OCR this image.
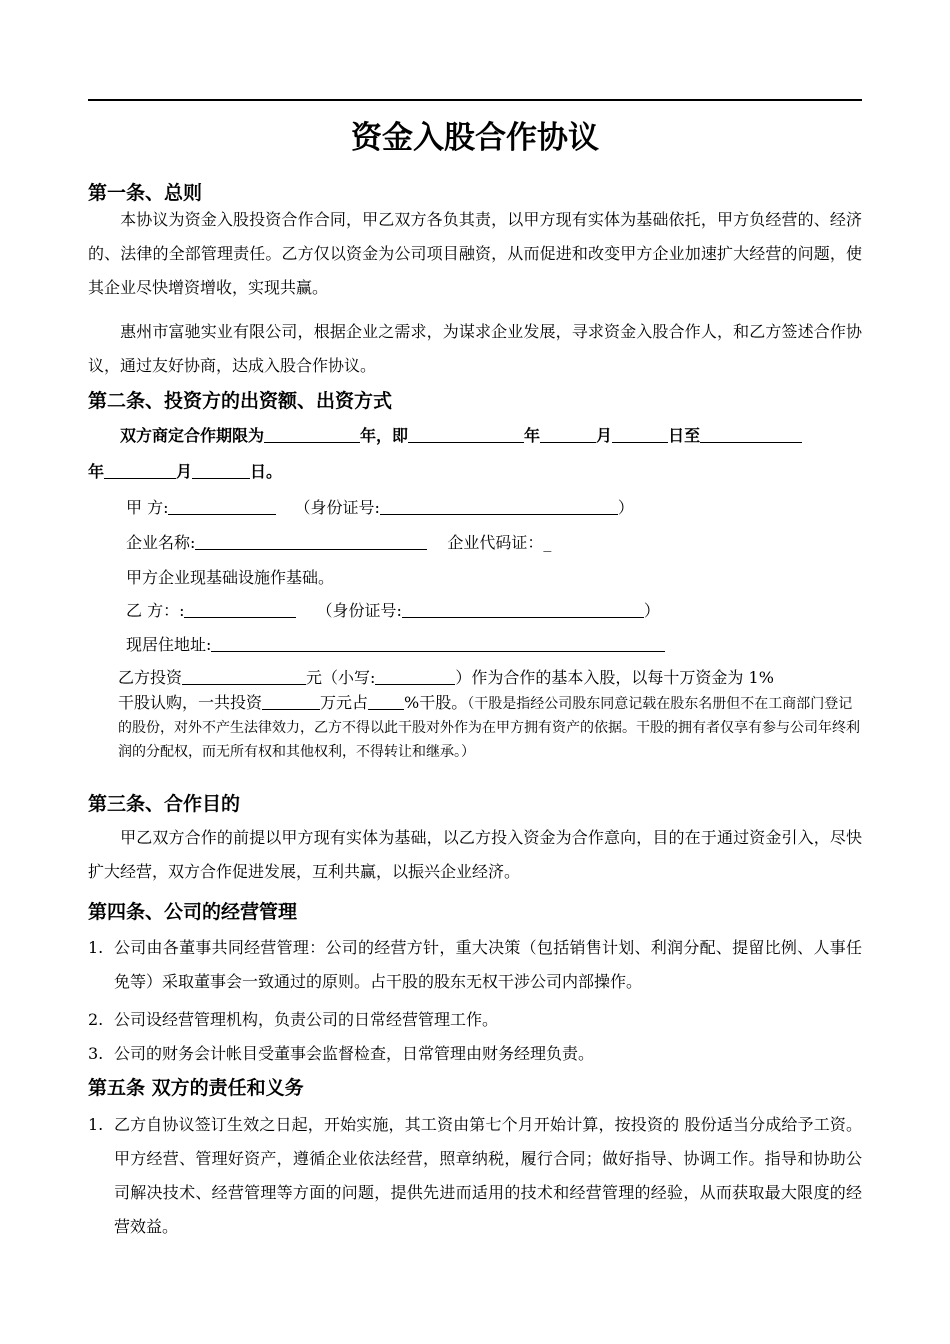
资金入股合作协议
第一条、总则
本协议为资金入股投资合作合同，甲乙双方各负其责，以甲方现有实体为基础依托，甲方负经营的、经济的、法律的全部管理责任。乙方仅以资金为公司项目融资，从而促进和改变甲方企业加速扩大经营的问题，使其企业尽快增资增收，实现共赢。
惠州市富驰实业有限公司，根据企业之需求，为谋求企业发展，寻求资金入股合作人，和乙方签述合作协议，通过友好协商，达成入股合作协议。
第二条、投资方的出资额、出资方式
双方商定合作期限为	年，即	年	月	日至
年	月	日。
甲 方:	（身份证号:	）
企业名称:	企业代码证：_
甲方企业现基础设施作基础。
乙 方：:	（身份证号:	）
现居住地址:
乙方投资	元（小写:	）作为合作的基本入股，以每十万资金为 1%
干股认购，一共投资	万元占 %干股。（干股是指经公司股东同意记载在股东名册但不在工商部门登记的股份，对外不产生法律效力，乙方不得以此干股对外作为在甲方拥有资产的依据。干股的拥有者仅享有参与公司年终利润的分配权，而无所有权和其他权利，不得转让和继承。）
第三条、合作目的
甲乙双方合作的前提以甲方现有实体为基础，以乙方投入资金为合作意向，目的在于通过资金引入，尽快扩大经营，双方合作促进发展，互利共赢，以振兴企业经济。
第四条、公司的经营管理
1. 公司由各董事共同经营管理：公司的经营方针，重大决策（包括销售计划、利润分配、提留比例、人事任免等）采取董事会一致通过的原则。占干股的股东无权干涉公司内部操作。
2. 公司设经营管理机构，负责公司的日常经营管理工作。
3. 公司的财务会计帐目受董事会监督检查，日常管理由财务经理负责。
第五条 双方的责任和义务
1. 乙方自协议签订生效之日起，开始实施，其工资由第七个月开始计算，按投资的 股份适当分成给予工资。甲方经营、管理好资产，遵循企业依法经营，照章纳税，履行合同；做好指导、协调工作。指导和协助公司解决技术、经营管理等方面的问题，提供先进而适用的技术和经营管理的经验，从而获取最大限度的经营效益。
